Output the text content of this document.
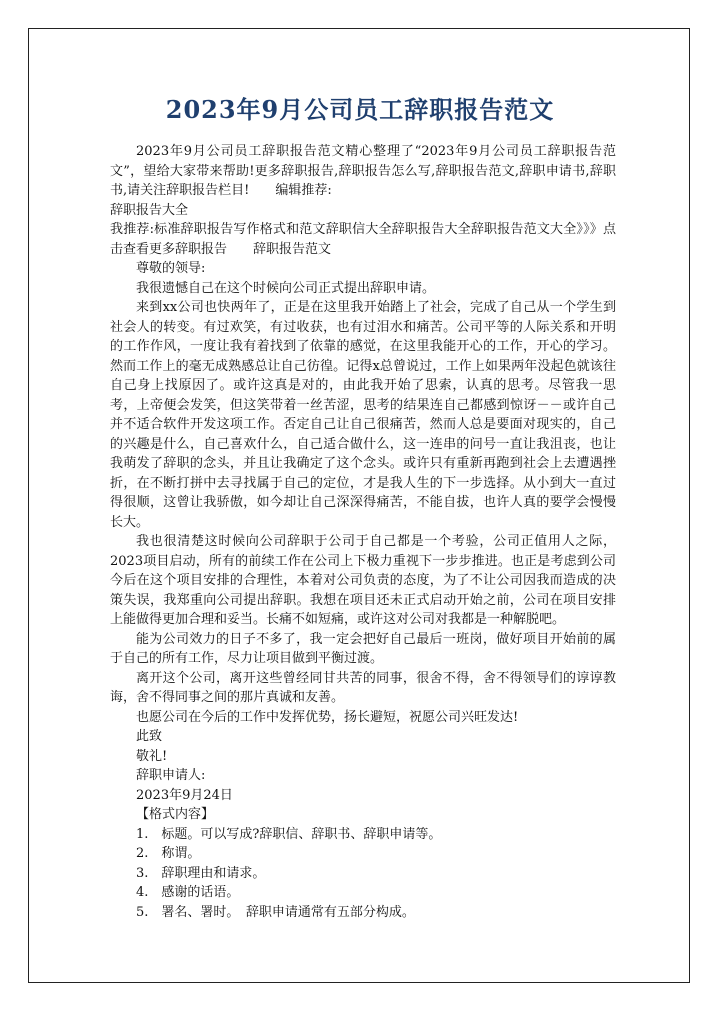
2023年9月公司员工辞职报告范文

2023年9月公司员工辞职报告范文精心整理了“2023年9月公司员工辞职报告范文”，望给大家带来帮助!更多辞职报告,辞职报告怎么写,辞职报告范文,辞职申请书,辞职书,请关注辞职报告栏目!　　编辑推荐:

辞职报告大全

我推荐:标准辞职报告写作格式和范文辞职信大全辞职报告大全辞职报告范文大全》》》点击查看更多辞职报告　　辞职报告范文

尊敬的领导:

我很遗憾自己在这个时候向公司正式提出辞职申请。

来到xx公司也快两年了，正是在这里我开始踏上了社会，完成了自己从一个学生到社会人的转变。有过欢笑，有过收获，也有过泪水和痛苦。公司平等的人际关系和开明的工作作风，一度让我有着找到了依靠的感觉，在这里我能开心的工作，开心的学习。然而工作上的毫无成熟感总让自己彷徨。记得x总曾说过，工作上如果两年没起色就该往自己身上找原因了。或许这真是对的，由此我开始了思索，认真的思考。尽管我一思考，上帝便会发笑，但这笑带着一丝苦涩，思考的结果连自己都感到惊讶－－或许自己并不适合软件开发这项工作。否定自己让自己很痛苦，然而人总是要面对现实的，自己的兴趣是什么，自己喜欢什么，自己适合做什么，这一连串的问号一直让我沮丧，也让我萌发了辞职的念头，并且让我确定了这个念头。或许只有重新再跑到社会上去遭遇挫折，在不断打拼中去寻找属于自己的定位，才是我人生的下一步选择。从小到大一直过得很顺，这曾让我骄傲，如今却让自己深深得痛苦，不能自拔，也许人真的要学会慢慢长大。

我也很清楚这时候向公司辞职于公司于自己都是一个考验，公司正值用人之际，2023项目启动，所有的前续工作在公司上下极力重视下一步步推进。也正是考虑到公司今后在这个项目安排的合理性，本着对公司负责的态度，为了不让公司因我而造成的决策失误，我郑重向公司提出辞职。我想在项目还未正式启动开始之前，公司在项目安排上能做得更加合理和妥当。长痛不如短痛，或许这对公司对我都是一种解脱吧。

能为公司效力的日子不多了，我一定会把好自己最后一班岗，做好项目开始前的属于自己的所有工作，尽力让项目做到平衡过渡。

离开这个公司，离开这些曾经同甘共苦的同事，很舍不得，舍不得领导们的谆谆教诲，舍不得同事之间的那片真诚和友善。

也愿公司在今后的工作中发挥优势，扬长避短，祝愿公司兴旺发达!

此致

敬礼!

辞职申请人:

2023年9月24日

【格式内容】

1.　标题。可以写成?辞职信、辞职书、辞职申请等。

2.　称谓。

3.　辞职理由和请求。

4.　感谢的话语。

5.　署名、署时。　辞职申请通常有五部分构成。
